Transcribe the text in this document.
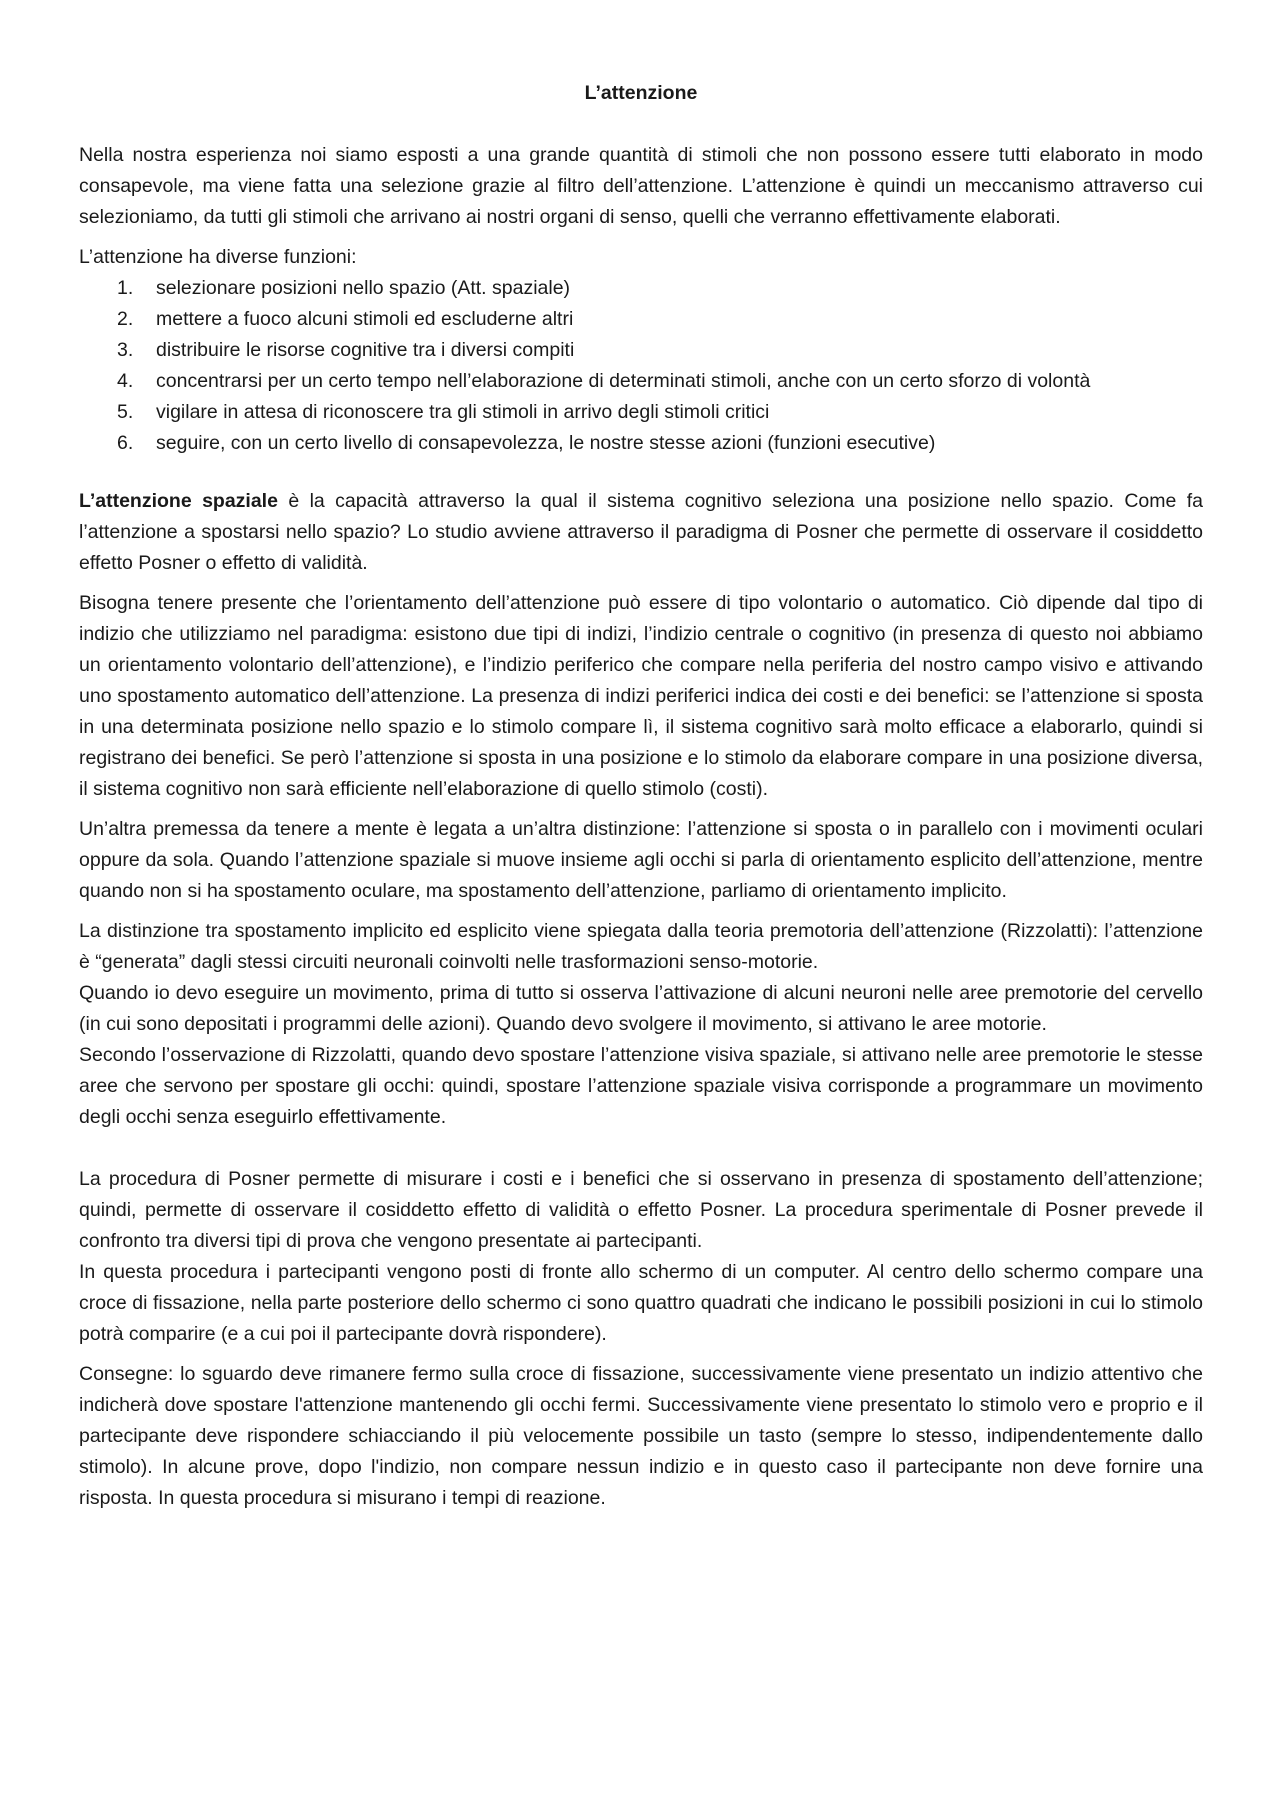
L’attenzione
Nella nostra esperienza noi siamo esposti a una grande quantità di stimoli che non possono essere tutti elaborato in modo consapevole, ma viene fatta una selezione grazie al filtro dell’attenzione. L’attenzione è quindi un meccanismo attraverso cui selezioniamo, da tutti gli stimoli che arrivano ai nostri organi di senso, quelli che verranno effettivamente elaborati.
L’attenzione ha diverse funzioni:
1. selezionare posizioni nello spazio (Att. spaziale)
2. mettere a fuoco alcuni stimoli ed escluderne altri
3. distribuire le risorse cognitive tra i diversi compiti
4. concentrarsi per un certo tempo nell’elaborazione di determinati stimoli, anche con un certo sforzo di volontà
5. vigilare in attesa di riconoscere tra gli stimoli in arrivo degli stimoli critici
6. seguire, con un certo livello di consapevolezza, le nostre stesse azioni (funzioni esecutive)
L’attenzione spaziale è la capacità attraverso la qual il sistema cognitivo seleziona una posizione nello spazio. Come fa l’attenzione a spostarsi nello spazio? Lo studio avviene attraverso il paradigma di Posner che permette di osservare il cosiddetto effetto Posner o effetto di validità.
Bisogna tenere presente che l’orientamento dell’attenzione può essere di tipo volontario o automatico. Ciò dipende dal tipo di indizio che utilizziamo nel paradigma: esistono due tipi di indizi, l’indizio centrale o cognitivo (in presenza di questo noi abbiamo un orientamento volontario dell’attenzione), e l’indizio periferico che compare nella periferia del nostro campo visivo e attivando uno spostamento automatico dell’attenzione. La presenza di indizi periferici indica dei costi e dei benefici: se l’attenzione si sposta in una determinata posizione nello spazio e lo stimolo compare lì, il sistema cognitivo sarà molto efficace a elaborarlo, quindi si registrano dei benefici. Se però l’attenzione si sposta in una posizione e lo stimolo da elaborare compare in una posizione diversa, il sistema cognitivo non sarà efficiente nell’elaborazione di quello stimolo (costi).
Un’altra premessa da tenere a mente è legata a un’altra distinzione: l’attenzione si sposta o in parallelo con i movimenti oculari oppure da sola. Quando l’attenzione spaziale si muove insieme agli occhi si parla di orientamento esplicito dell’attenzione, mentre quando non si ha spostamento oculare, ma spostamento dell’attenzione, parliamo di orientamento implicito.
La distinzione tra spostamento implicito ed esplicito viene spiegata dalla teoria premotoria dell’attenzione (Rizzolatti): l’attenzione è “generata” dagli stessi circuiti neuronali coinvolti nelle trasformazioni senso-motorie.
Quando io devo eseguire un movimento, prima di tutto si osserva l’attivazione di alcuni neuroni nelle aree premotorie del cervello (in cui sono depositati i programmi delle azioni). Quando devo svolgere il movimento, si attivano le aree motorie.
Secondo l’osservazione di Rizzolatti, quando devo spostare l’attenzione visiva spaziale, si attivano nelle aree premotorie le stesse aree che servono per spostare gli occhi: quindi, spostare l’attenzione spaziale visiva corrisponde a programmare un movimento degli occhi senza eseguirlo effettivamente.
La procedura di Posner permette di misurare i costi e i benefici che si osservano in presenza di spostamento dell’attenzione; quindi, permette di osservare il cosiddetto effetto di validità o effetto Posner. La procedura sperimentale di Posner prevede il confronto tra diversi tipi di prova che vengono presentate ai partecipanti.
In questa procedura i partecipanti vengono posti di fronte allo schermo di un computer. Al centro dello schermo compare una croce di fissazione, nella parte posteriore dello schermo ci sono quattro quadrati che indicano le possibili posizioni in cui lo stimolo potrà comparire (e a cui poi il partecipante dovrà rispondere).
Consegne: lo sguardo deve rimanere fermo sulla croce di fissazione, successivamente viene presentato un indizio attentivo che indicherà dove spostare l'attenzione mantenendo gli occhi fermi. Successivamente viene presentato lo stimolo vero e proprio e il partecipante deve rispondere schiacciando il più velocemente possibile un tasto (sempre lo stesso, indipendentemente dallo stimolo). In alcune prove, dopo l'indizio, non compare nessun indizio e in questo caso il partecipante non deve fornire una risposta. In questa procedura si misurano i tempi di reazione.
